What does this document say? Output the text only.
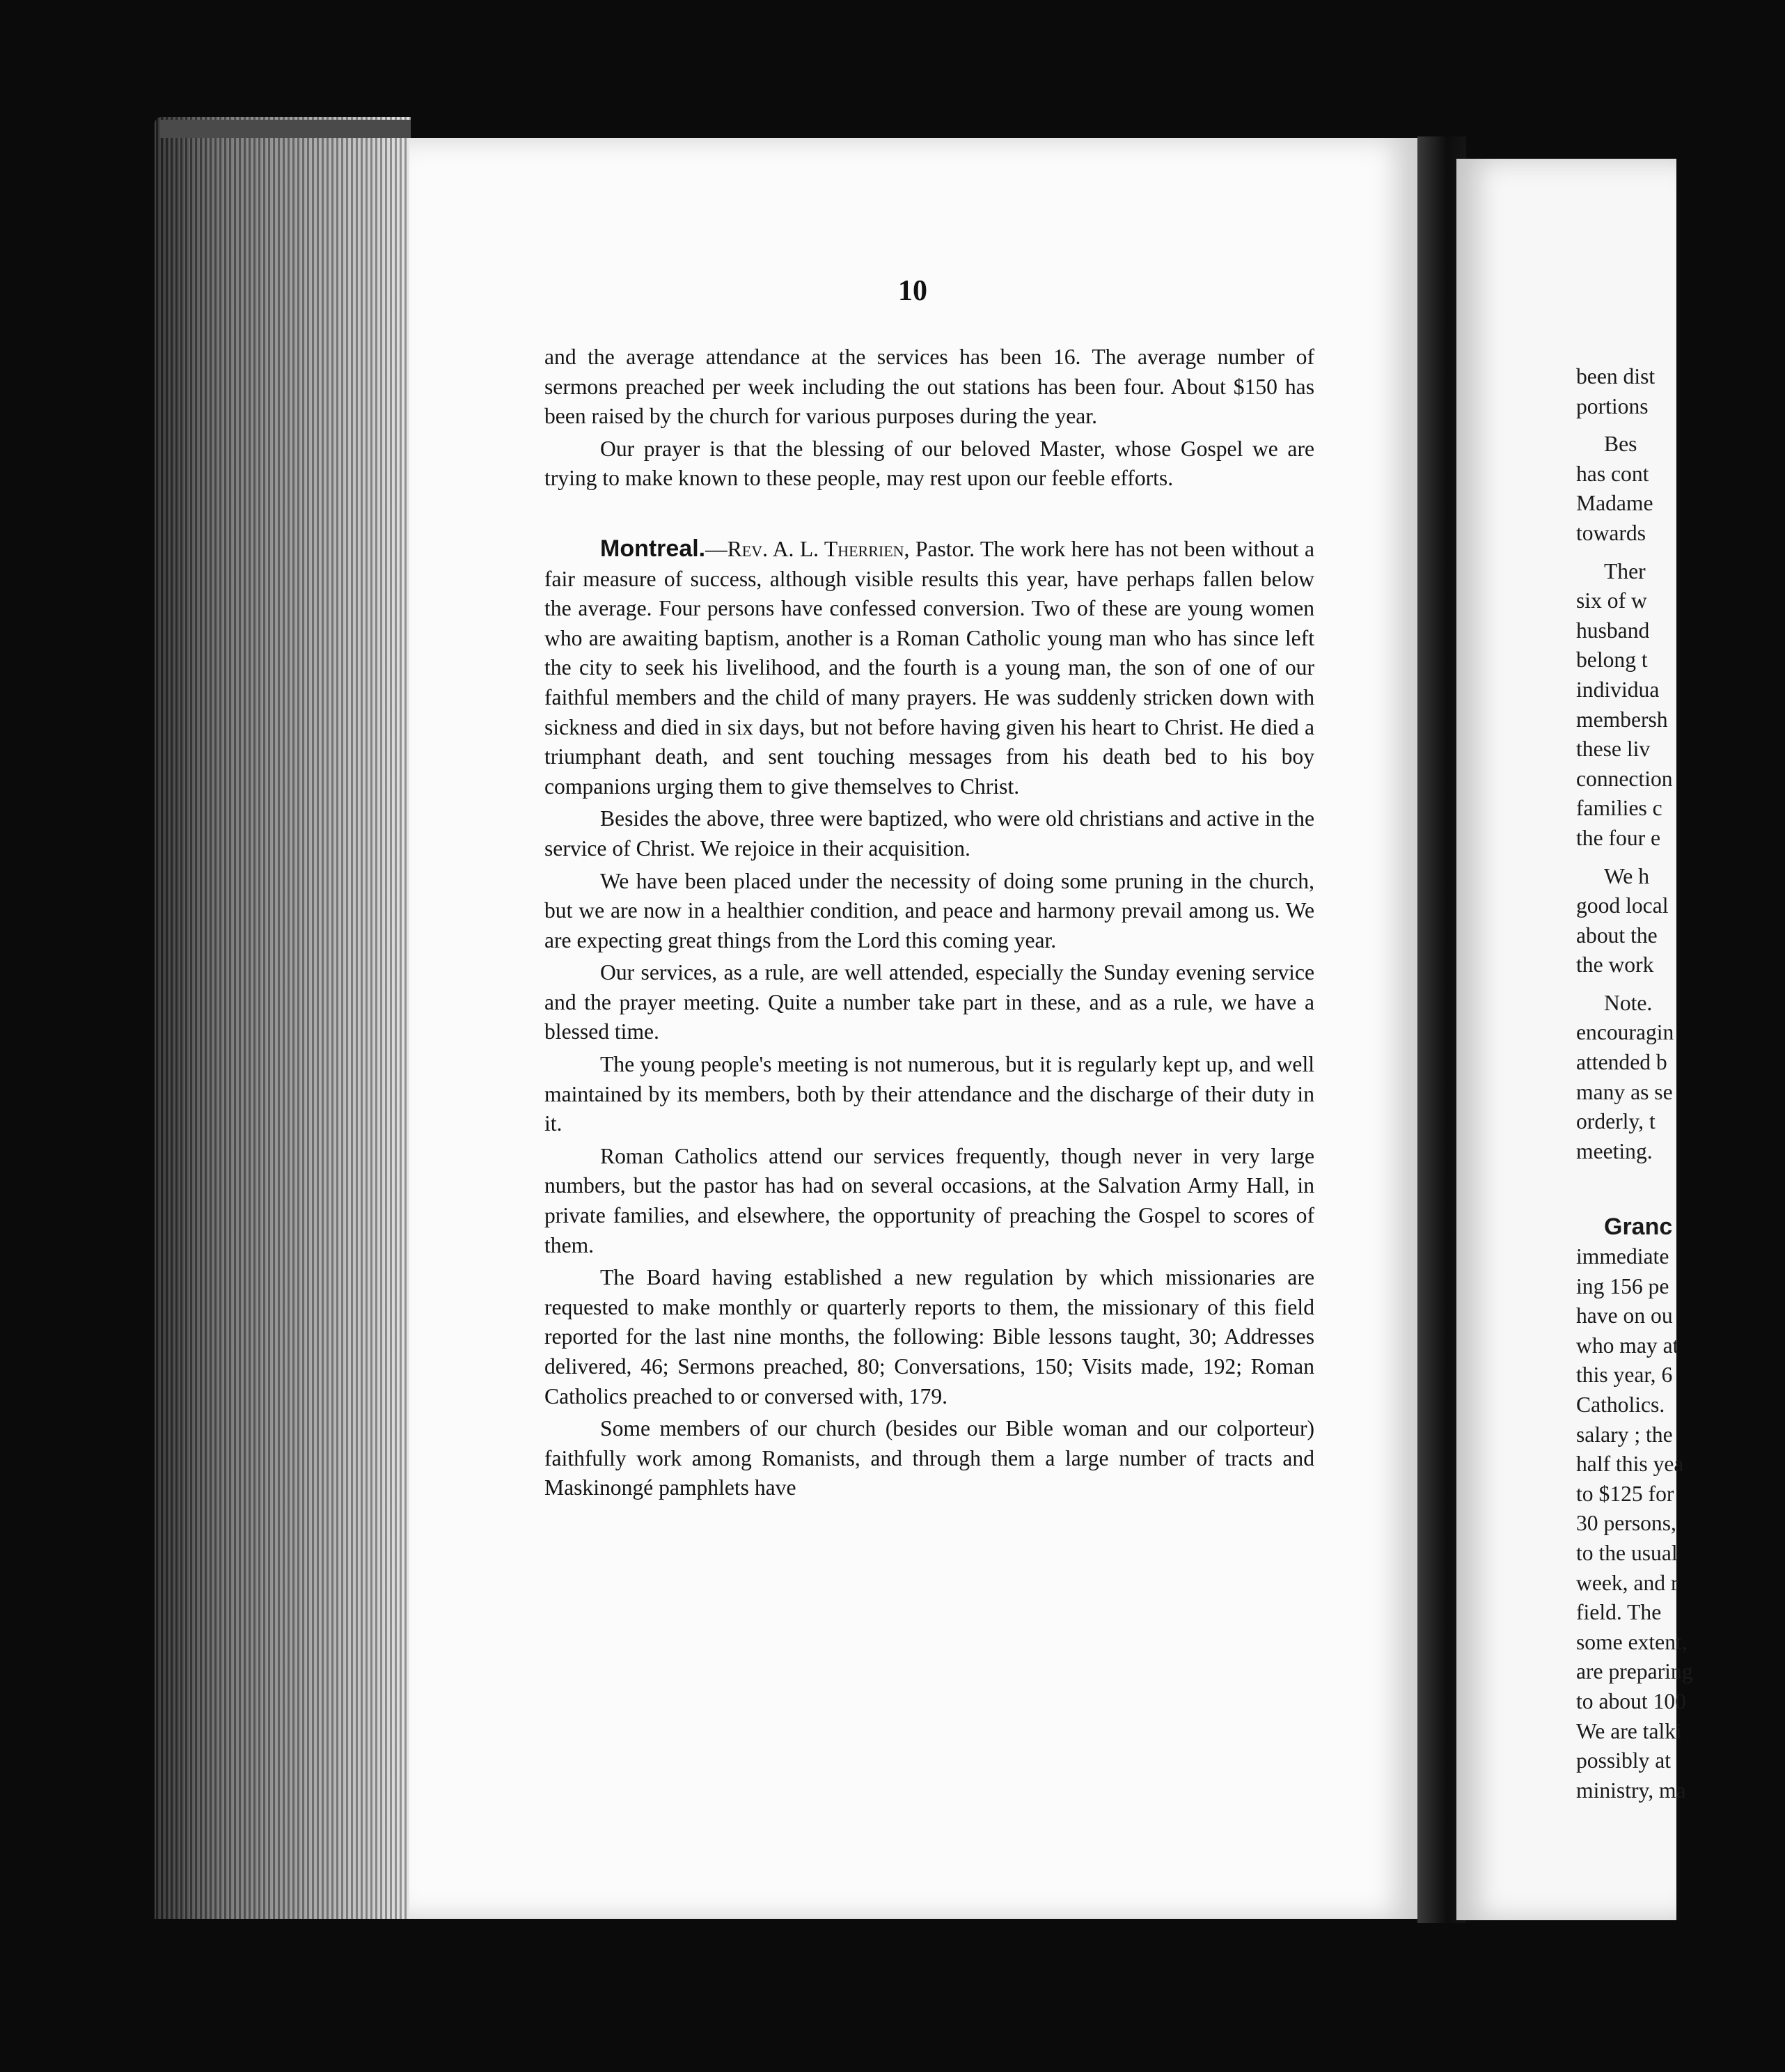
10

and the average attendance at the services has been 16. The average number of sermons preached per week including the out stations has been four. About $150 has been raised by the church for various purposes during the year.

Our prayer is that the blessing of our beloved Master, whose Gospel we are trying to make known to these people, may rest upon our feeble efforts.

Montreal.—Rev. A. L. Therrien, Pastor. The work here has not been without a fair measure of success, although visible results this year, have perhaps fallen below the average. Four persons have confessed conversion. Two of these are young women who are awaiting baptism, another is a Roman Catholic young man who has since left the city to seek his livelihood, and the fourth is a young man, the son of one of our faithful members and the child of many prayers. He was suddenly stricken down with sickness and died in six days, but not before having given his heart to Christ. He died a triumphant death, and sent touching messages from his death bed to his boy companions urging them to give themselves to Christ.

Besides the above, three were baptized, who were old christians and active in the service of Christ. We rejoice in their acquisition.

We have been placed under the necessity of doing some pruning in the church, but we are now in a healthier condition, and peace and harmony prevail among us. We are expecting great things from the Lord this coming year.

Our services, as a rule, are well attended, especially the Sunday evening service and the prayer meeting. Quite a number take part in these, and as a rule, we have a blessed time.

The young people's meeting is not numerous, but it is regularly kept up, and well maintained by its members, both by their attendance and the discharge of their duty in it.

Roman Catholics attend our services frequently, though never in very large numbers, but the pastor has had on several occasions, at the Salvation Army Hall, in private families, and elsewhere, the opportunity of preaching the Gospel to scores of them.

The Board having established a new regulation by which missionaries are requested to make monthly or quarterly reports to them, the missionary of this field reported for the last nine months, the following: Bible lessons taught, 30; Addresses delivered, 46; Sermons preached, 80; Conversations, 150; Visits made, 192; Roman Catholics preached to or conversed with, 179.

Some members of our church (besides our Bible woman and our colporteur) faithfully work among Romanists, and through them a large number of tracts and Maskinongé pamphlets have

been dist
portions
Bes
has cont
Madame
towards
Ther
six of w
husband
belong t
individua
membersh
these liv
connection
families c
the four e
We h
good local
about the
the work
Note.
encouragin
attended b
many as se
orderly, t
meeting.
Granc
immediate
ing 156 pe
have on ou
who may at
this year, 6
Catholics.
salary ; the
half this yea
to $125 for
30 persons,
to the usual
week, and r
field. The
some extent,
are preparing
to about 100
We are talki
possibly at
ministry, ma
